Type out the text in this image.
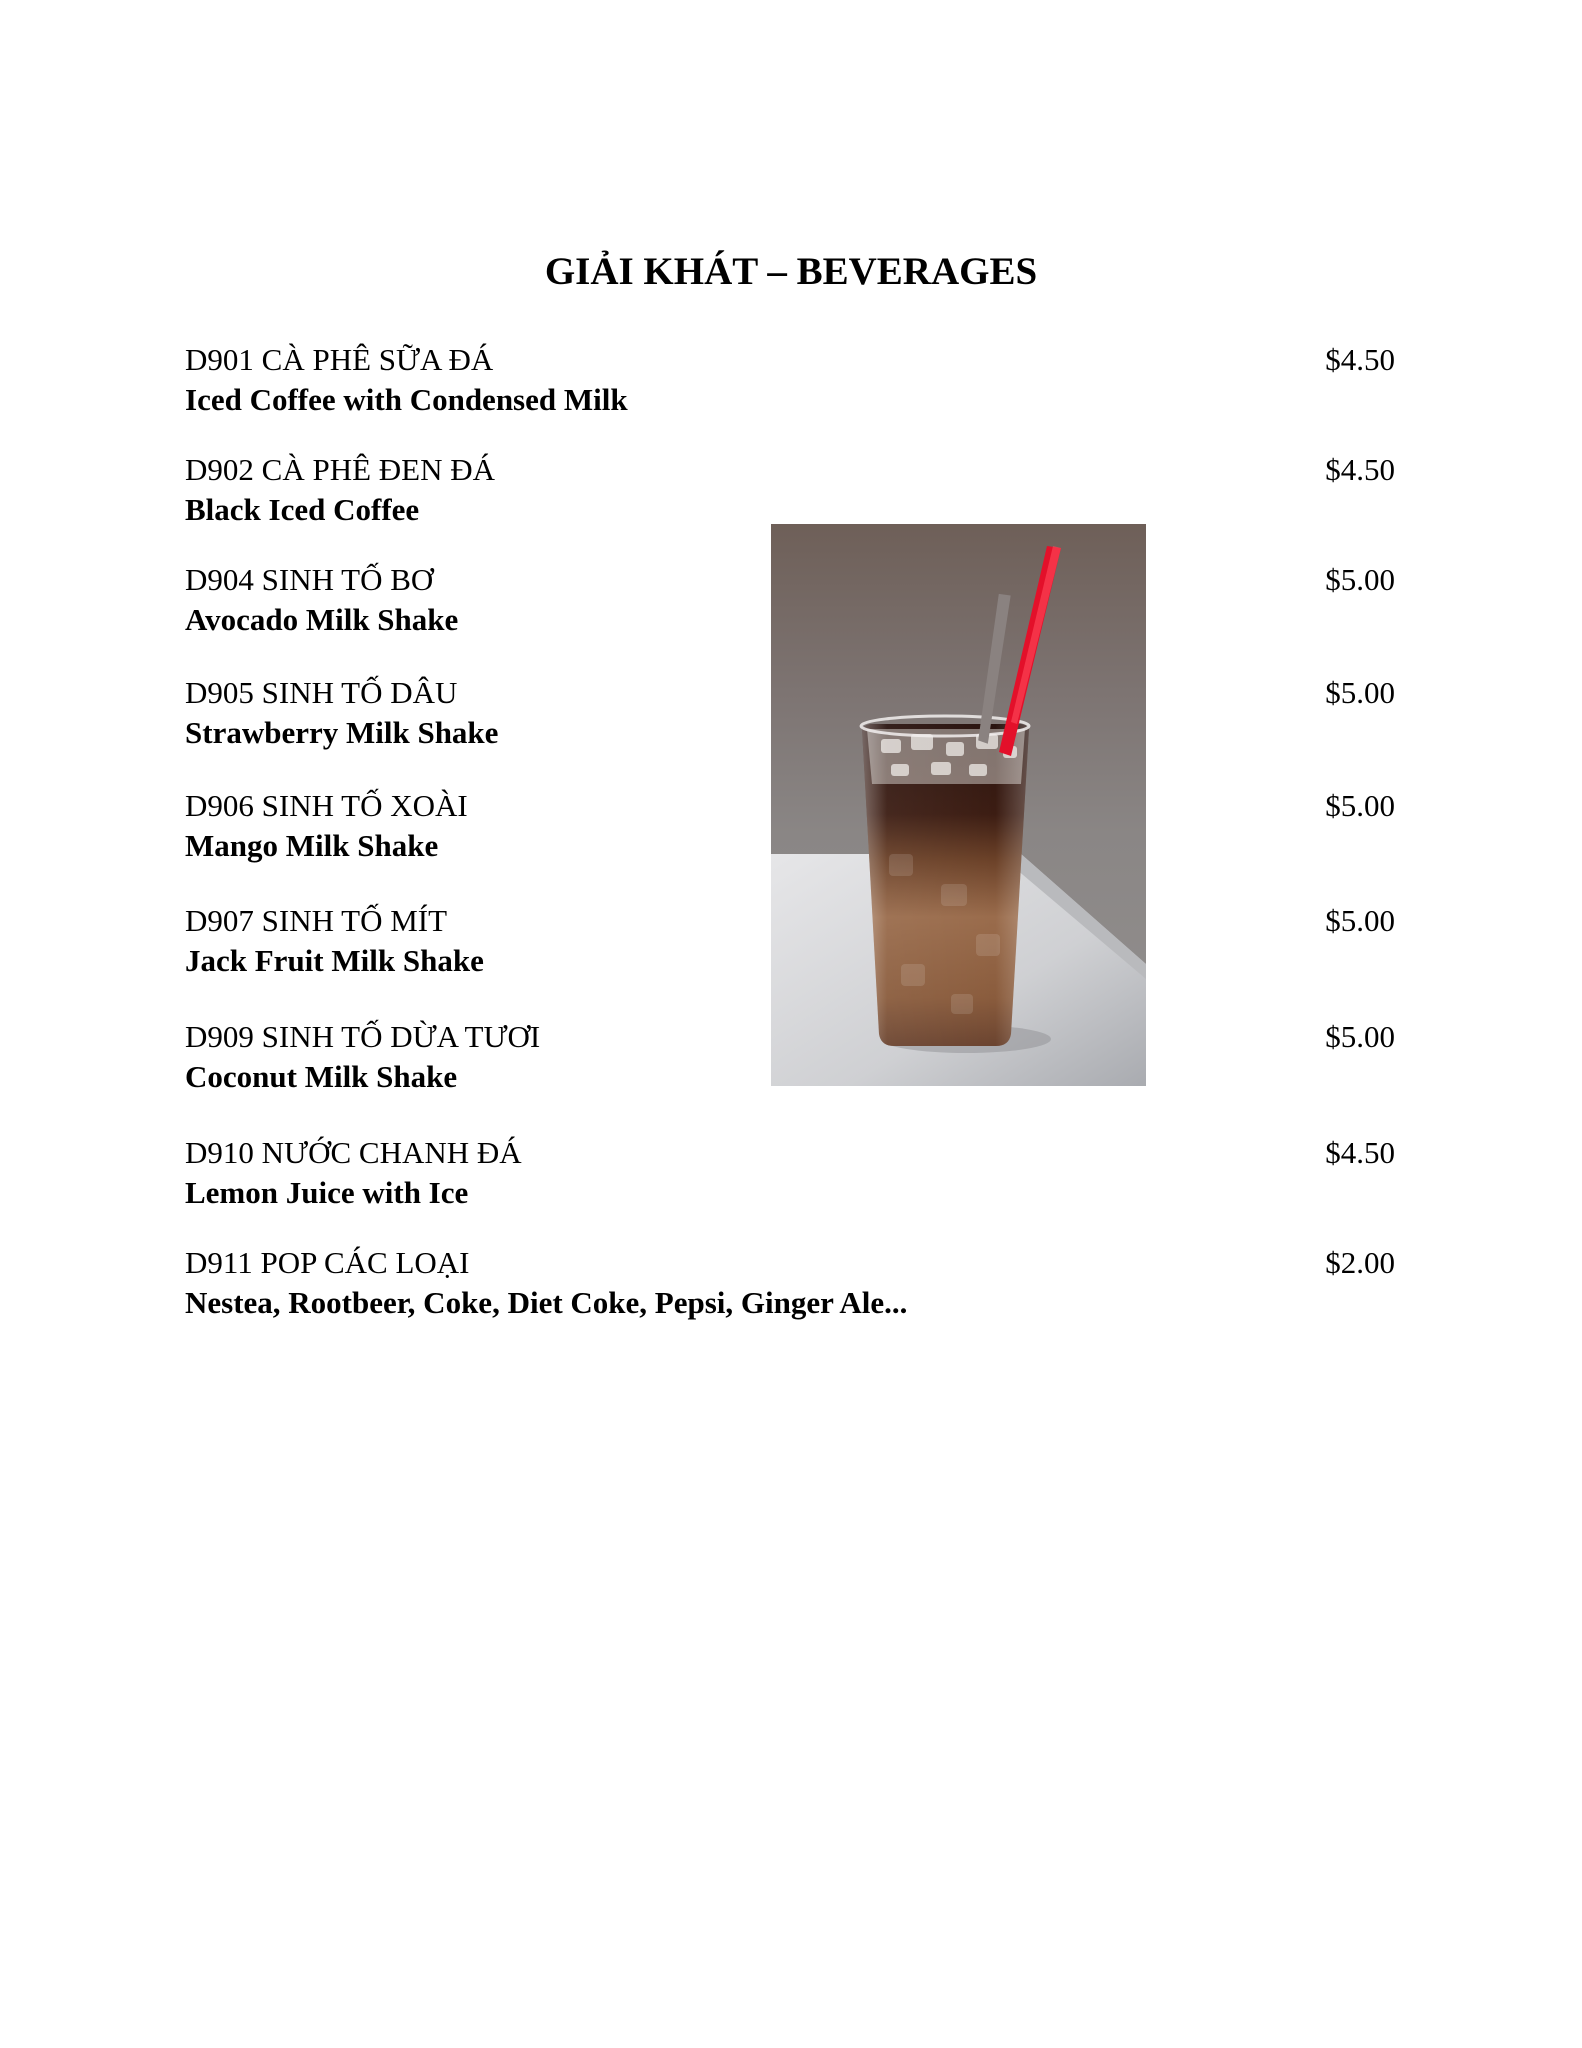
GIẢI KHÁT – BEVERAGES
D901 CÀ PHÊ SỮA ĐÁ
Iced Coffee with Condensed Milk
$4.50
D902 CÀ PHÊ ĐEN ĐÁ
Black Iced Coffee
$4.50
D904 SINH TỐ BƠ
Avocado Milk Shake
$5.00
D905 SINH TỐ DÂU
Strawberry Milk Shake
$5.00
D906 SINH TỐ XOÀI
Mango Milk Shake
$5.00
D907 SINH TỐ MÍT
Jack Fruit Milk Shake
$5.00
D909 SINH TỐ DỪA TƯƠI
Coconut Milk Shake
$5.00
D910 NƯỚC CHANH ĐÁ
Lemon Juice with Ice
$4.50
D911 POP CÁC LOẠI
Nestea, Rootbeer, Coke, Diet Coke, Pepsi, Ginger Ale...
$2.00
